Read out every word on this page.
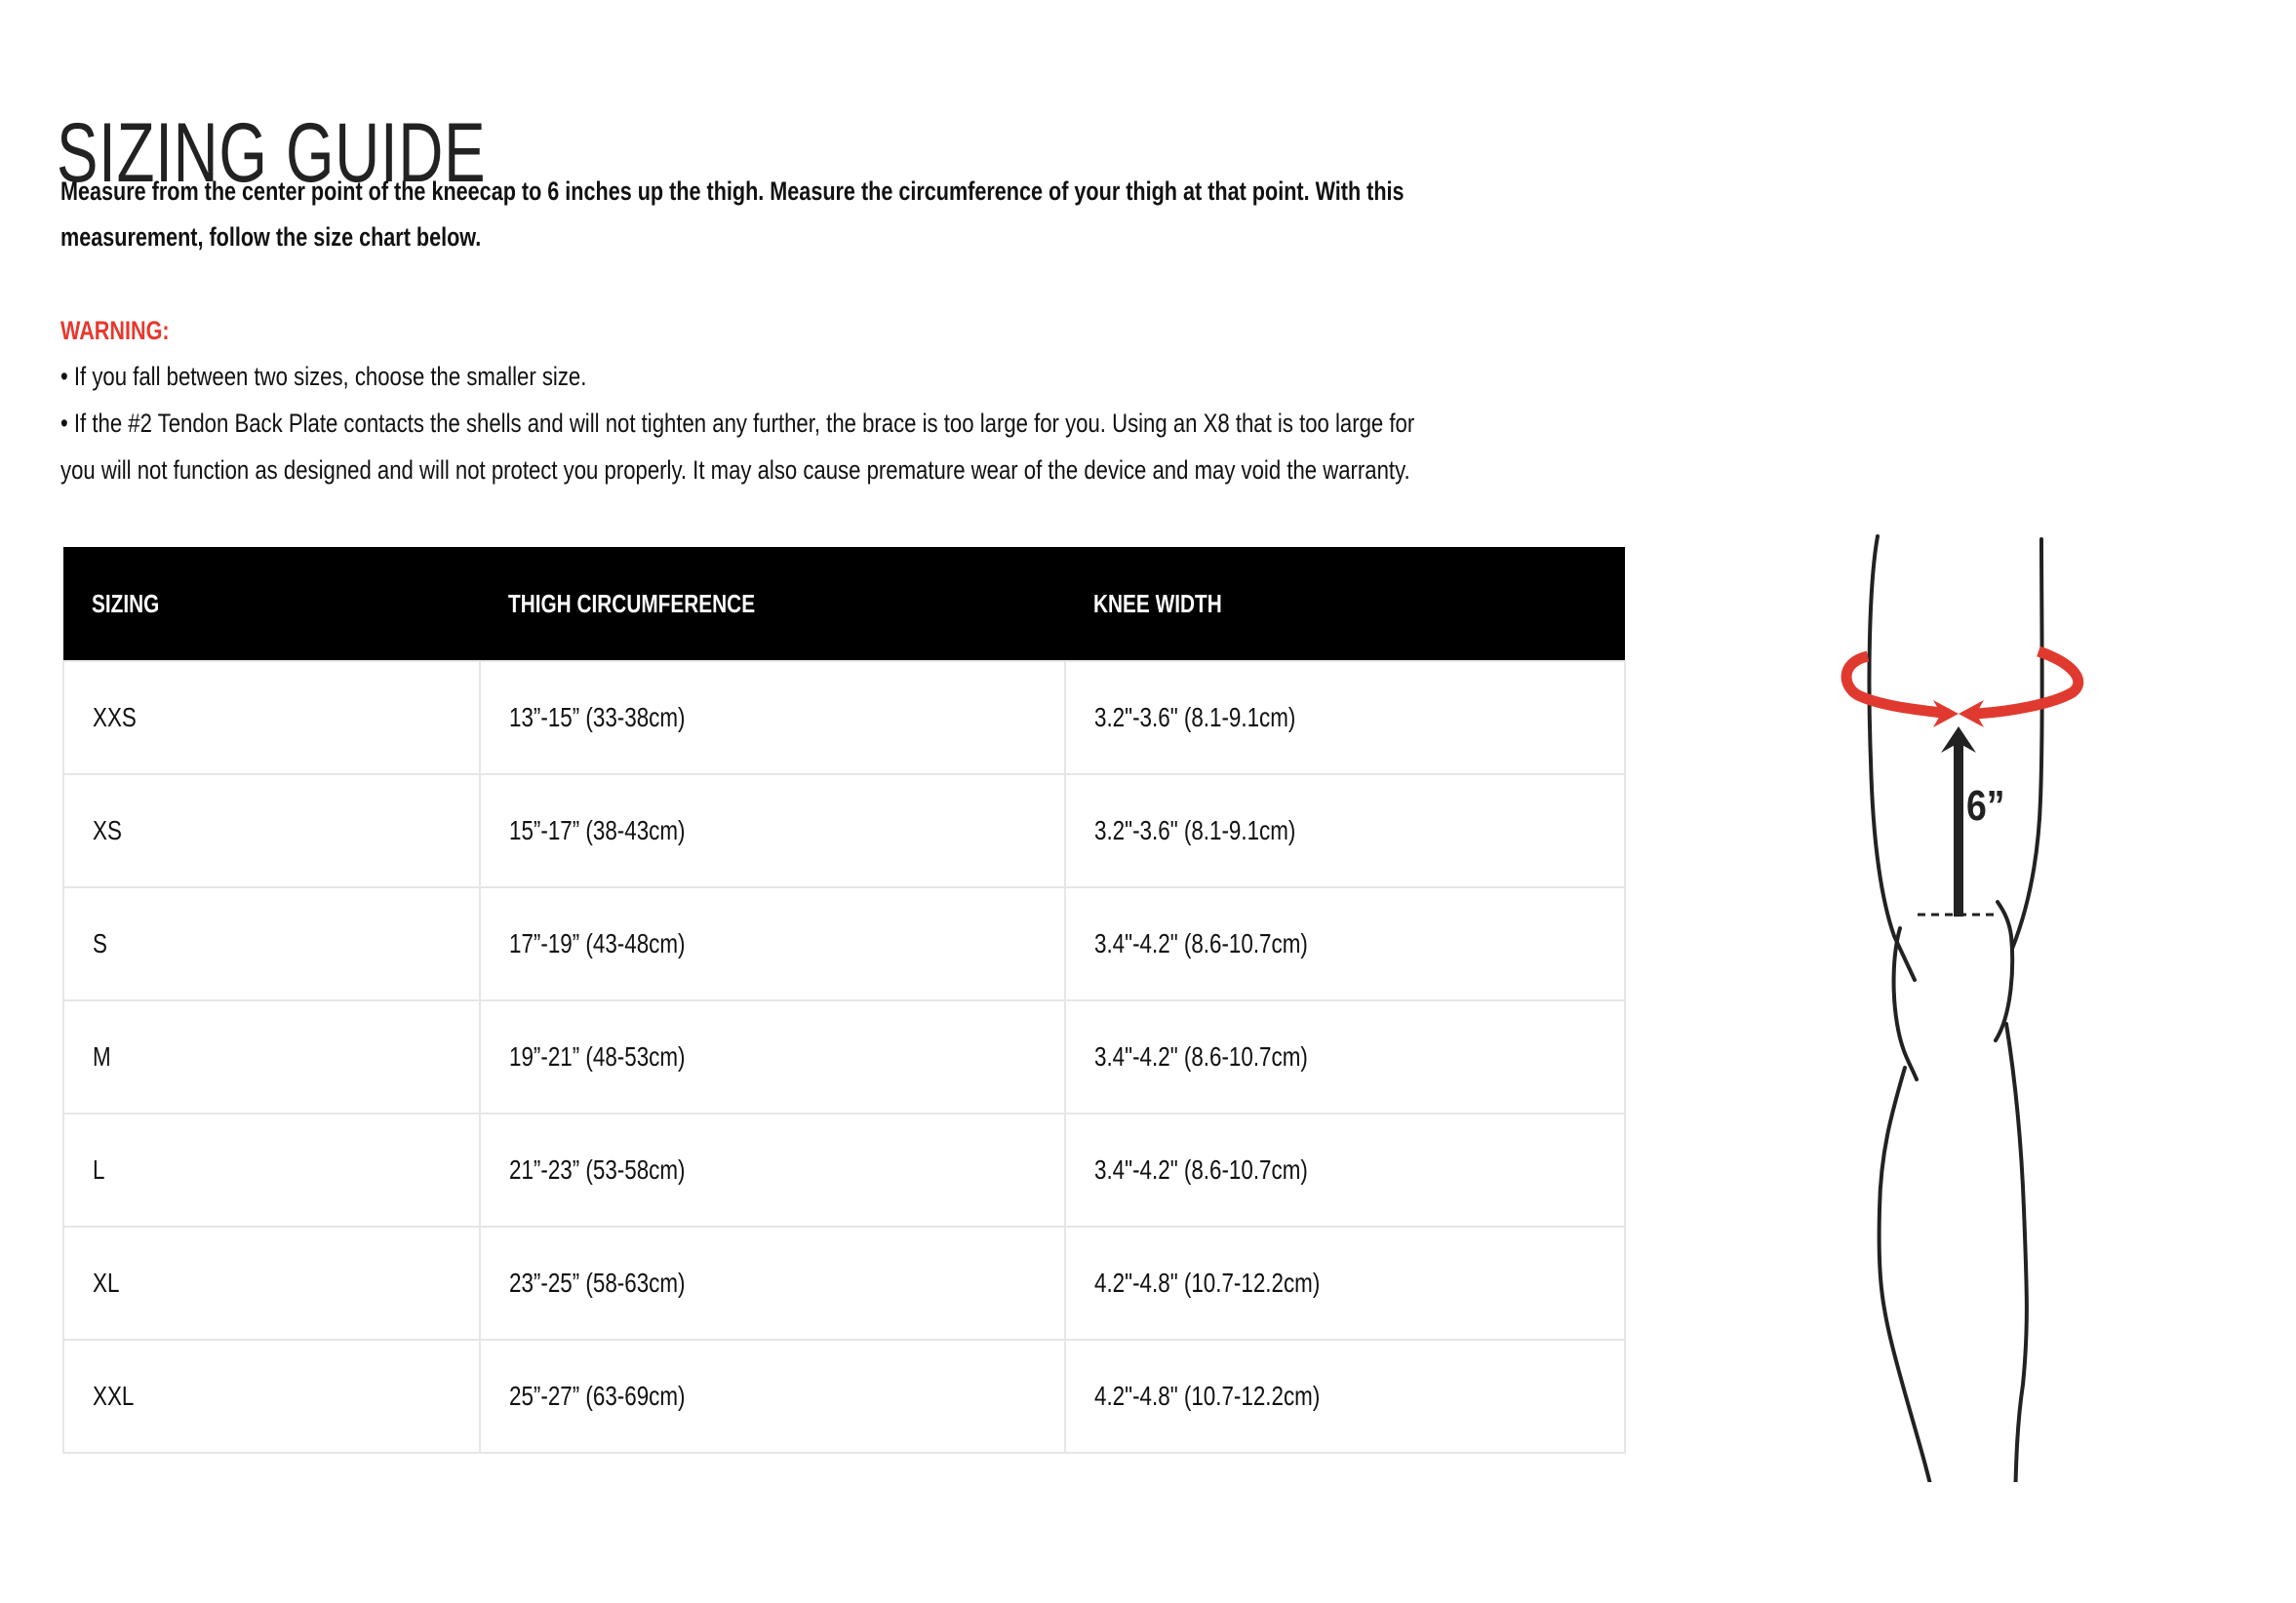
SIZING GUIDE
Measure from the center point of the kneecap to 6 inches up the thigh. Measure the circumference of your thigh at that point. With this
measurement, follow the size chart below.
WARNING:
• If you fall between two sizes, choose the smaller size.
• If the #2 Tendon Back Plate contacts the shells and will not tighten any further, the brace is too large for you. Using an X8 that is too large for
you will not function as designed and will not protect you properly. It may also cause premature wear of the device and may void the warranty.
SIZING	THIGH CIRCUMFERENCE	KNEE WIDTH
XXS	13”-15” (33-38cm)	3.2"-3.6" (8.1-9.1cm)
XS	15”-17” (38-43cm)	3.2"-3.6" (8.1-9.1cm)
S	17”-19” (43-48cm)	3.4"-4.2" (8.6-10.7cm)
M	19”-21” (48-53cm)	3.4"-4.2" (8.6-10.7cm)
L	21”-23” (53-58cm)	3.4"-4.2" (8.6-10.7cm)
XL	23”-25” (58-63cm)	4.2"-4.8" (10.7-12.2cm)
XXL	25”-27” (63-69cm)	4.2"-4.8" (10.7-12.2cm)
6”
